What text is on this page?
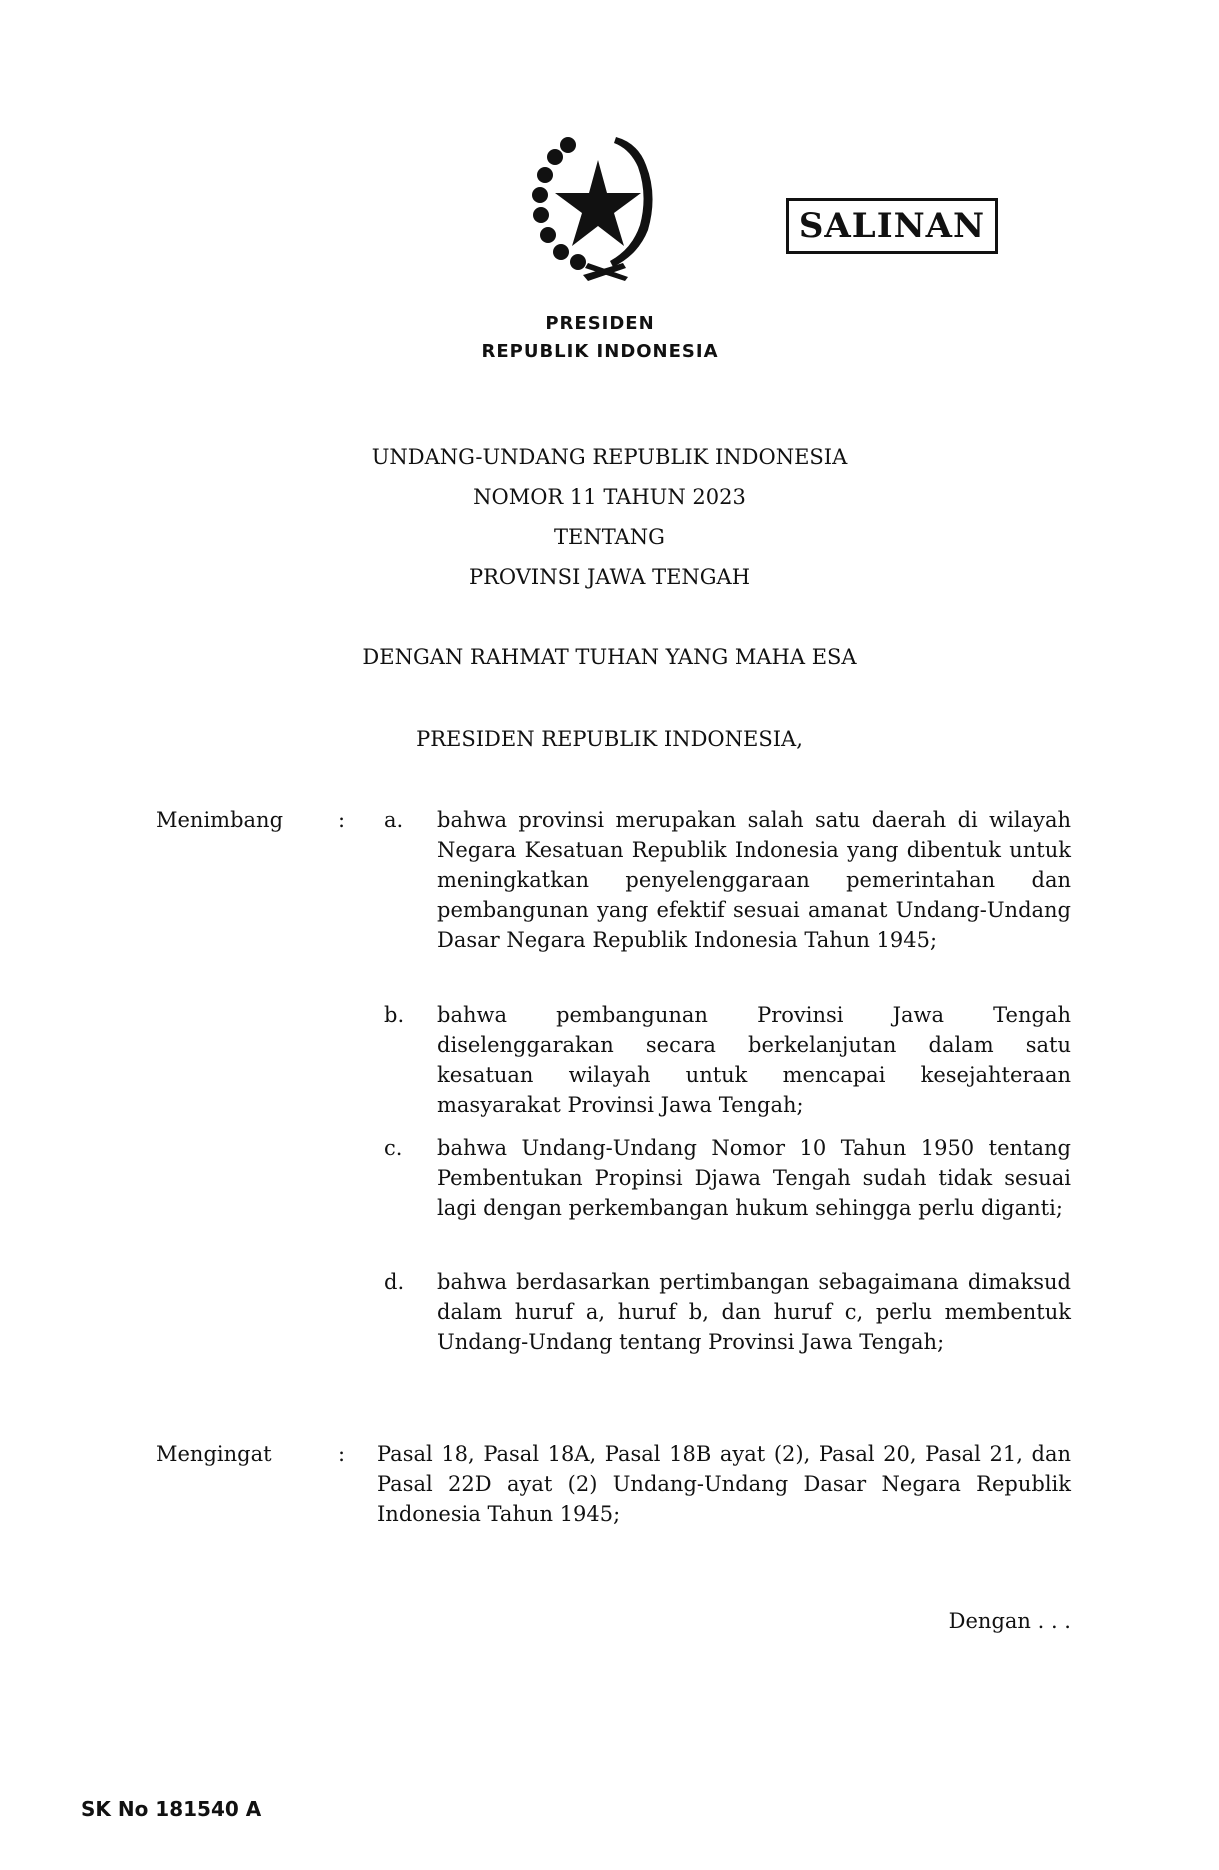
SALINAN
PRESIDEN
REPUBLIK INDONESIA
UNDANG-UNDANG REPUBLIK INDONESIA
NOMOR 11 TAHUN 2023
TENTANG
PROVINSI JAWA TENGAH
DENGAN RAHMAT TUHAN YANG MAHA ESA
PRESIDEN REPUBLIK INDONESIA,
Menimbang	: a. bahwa provinsi merupakan salah satu daerah di wilayah Negara Kesatuan Republik Indonesia yang dibentuk untuk meningkatkan penyelenggaraan pemerintahan dan pembangunan yang efektif sesuai amanat Undang-Undang Dasar Negara Republik Indonesia Tahun 1945;
b. bahwa pembangunan Provinsi Jawa Tengah diselenggarakan secara berkelanjutan dalam satu kesatuan wilayah untuk mencapai kesejahteraan masyarakat Provinsi Jawa Tengah;
c. bahwa Undang-Undang Nomor 10 Tahun 1950 tentang Pembentukan Propinsi Djawa Tengah sudah tidak sesuai lagi dengan perkembangan hukum sehingga perlu diganti;
d. bahwa berdasarkan pertimbangan sebagaimana dimaksud dalam huruf a, huruf b, dan huruf c, perlu membentuk Undang-Undang tentang Provinsi Jawa Tengah;
Mengingat	: Pasal 18, Pasal 18A, Pasal 18B ayat (2), Pasal 20, Pasal 21, dan Pasal 22D ayat (2) Undang-Undang Dasar Negara Republik Indonesia Tahun 1945;
Dengan . . .
SK No 181540 A
